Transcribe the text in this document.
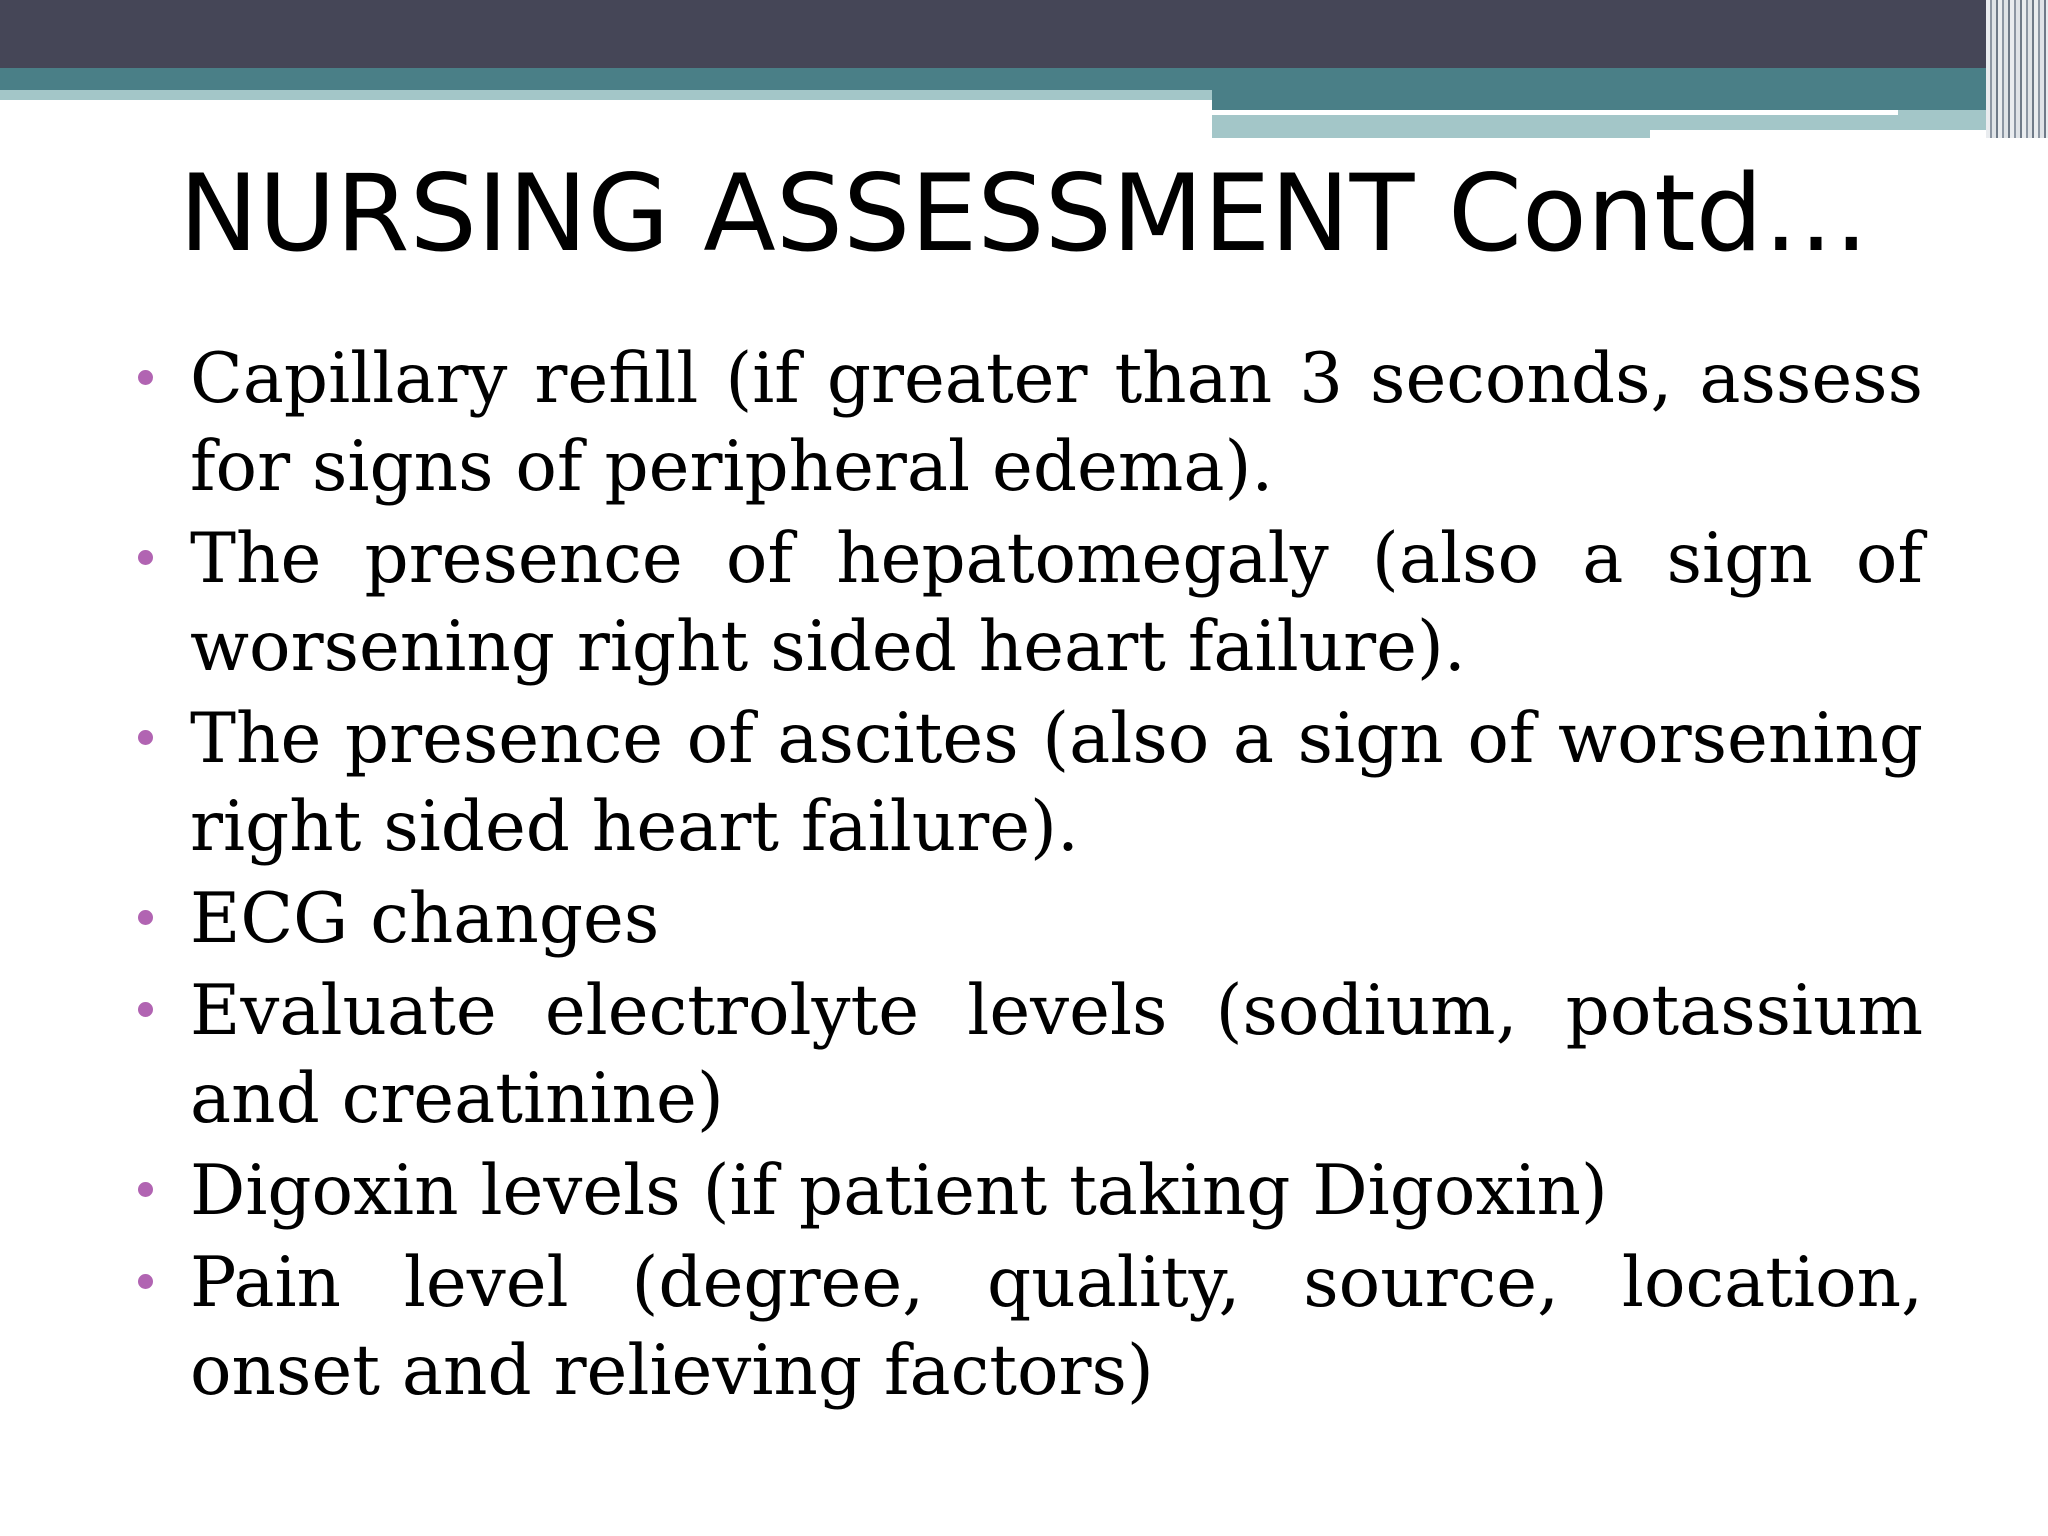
NURSING ASSESSMENT Contd…
Capillary refill (if greater than 3 seconds, assess for signs of peripheral edema).
The presence of hepatomegaly (also a sign of worsening right sided heart failure).
The presence of ascites (also a sign of worsening right sided heart failure).
ECG changes
Evaluate electrolyte levels (sodium, potassium and creatinine)
Digoxin levels (if patient taking Digoxin)
Pain level (degree, quality, source, location, onset and relieving factors)
